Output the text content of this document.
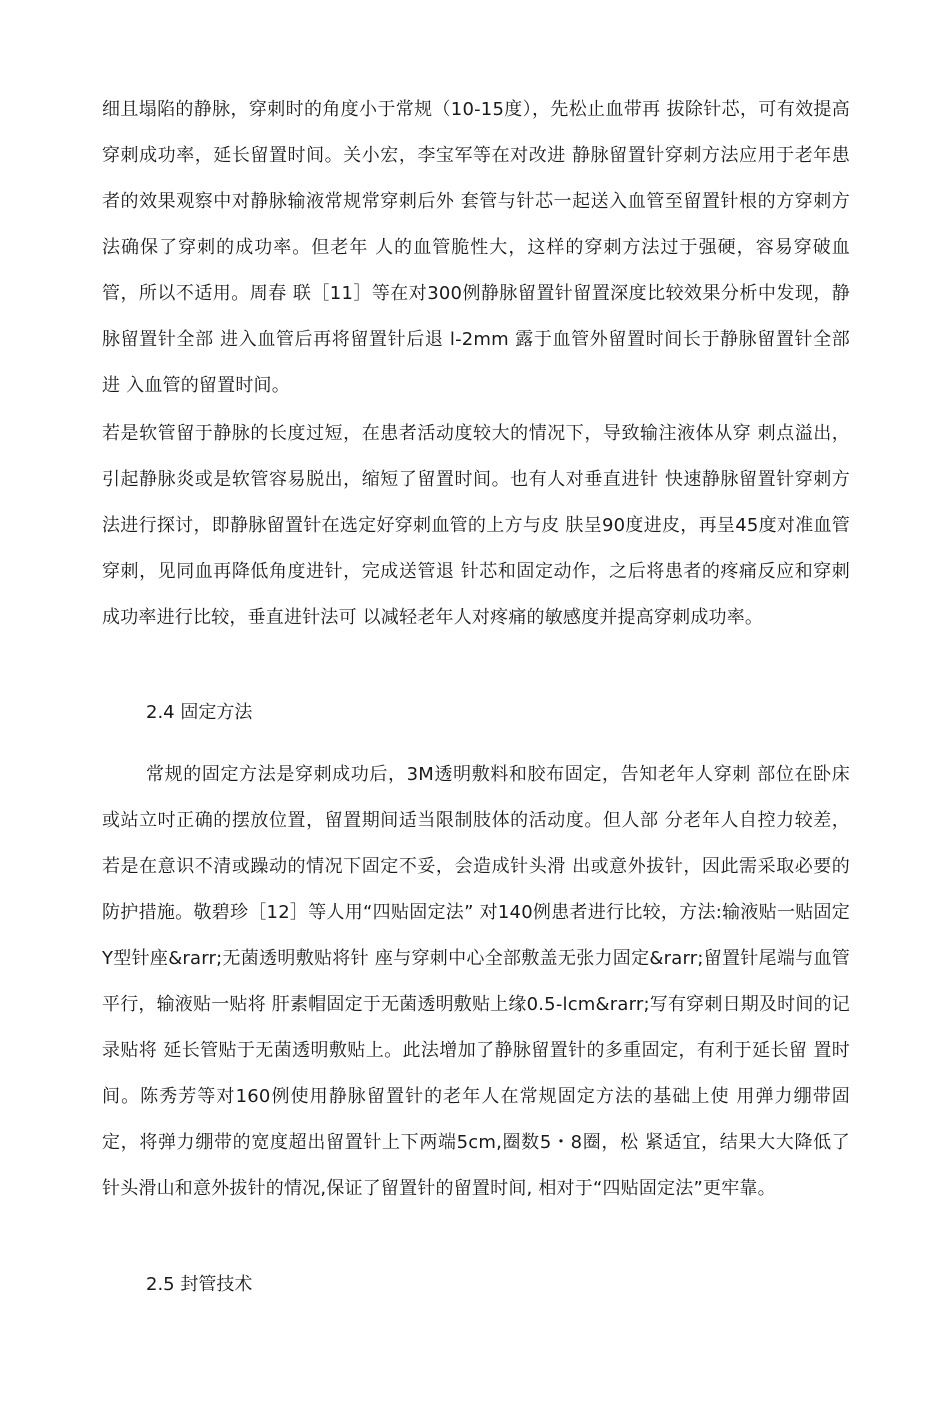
细且塌陷的静脉，穿刺时的角度小于常规（10-15度），先松止血带再 拔除针芯，可有效提高穿刺成功率，延长留置时间。关小宏，李宝军等在对改进 静脉留置针穿刺方法应用于老年患者的效果观察中对静脉输液常规常穿刺后外 套管与针芯一起送入血管至留置针根的方穿刺方法确保了穿刺的成功率。但老年 人的血管脆性大，这样的穿刺方法过于强硬，容易穿破血管，所以不适用。周春 联［11］等在对300例静脉留置针留置深度比较效果分析中发现，静脉留置针全部 进入血管后再将留置针后退 l-2mm 露于血管外留置时间长于静脉留置针全部进 入血管的留置时间。

若是软管留于静脉的长度过短，在患者活动度较大的情况下，导致输注液体从穿 刺点溢出，引起静脉炎或是软管容易脱出，缩短了留置时间。也有人对垂直进针 快速静脉留置针穿刺方法进行探讨，即静脉留置针在选定好穿刺血管的上方与皮 肤呈90度进皮，再呈45度对准血管穿刺，见同血再降低角度进针，完成送管退 针芯和固定动作，之后将患者的疼痛反应和穿刺成功率进行比较，垂直进针法可 以减轻老年人对疼痛的敏感度并提高穿刺成功率。

2.4 固定方法

常规的固定方法是穿刺成功后，3M透明敷料和胶布固定，告知老年人穿刺 部位在卧床或站立吋正确的摆放位置，留置期间适当限制肢体的活动度。但人部 分老年人自控力较差，若是在意识不清或躁动的情况下固定不妥，会造成针头滑 出或意外拔针，因此需采取必要的防护措施。敬碧珍［12］等人用“四贴固定法” 对140例患者进行比较，方法:输液贴一贴固定Y型针座&rarr;无菌透明敷贴将针 座与穿刺中心全部敷盖无张力固定&rarr;留置针尾端与血管平行，输液贴一贴将 肝素帽固定于无菌透明敷贴上缘0.5-lcm&rarr;写有穿刺日期及时间的记录贴将 延长管贴于无菌透明敷贴上。此法增加了静脉留置针的多重固定，有利于延长留 置时间。陈秀芳等对160例使用静脉留置针的老年人在常规固定方法的基础上使 用弹力绷带固定，将弹力绷带的宽度超出留置针上下两端5cm,圈数5・8圈，松 紧适宜，结果大大降低了针头滑山和意外拔针的情况,保证了留置针的留置时间, 相对于“四贴固定法”更牢靠。

2.5 封管技术
